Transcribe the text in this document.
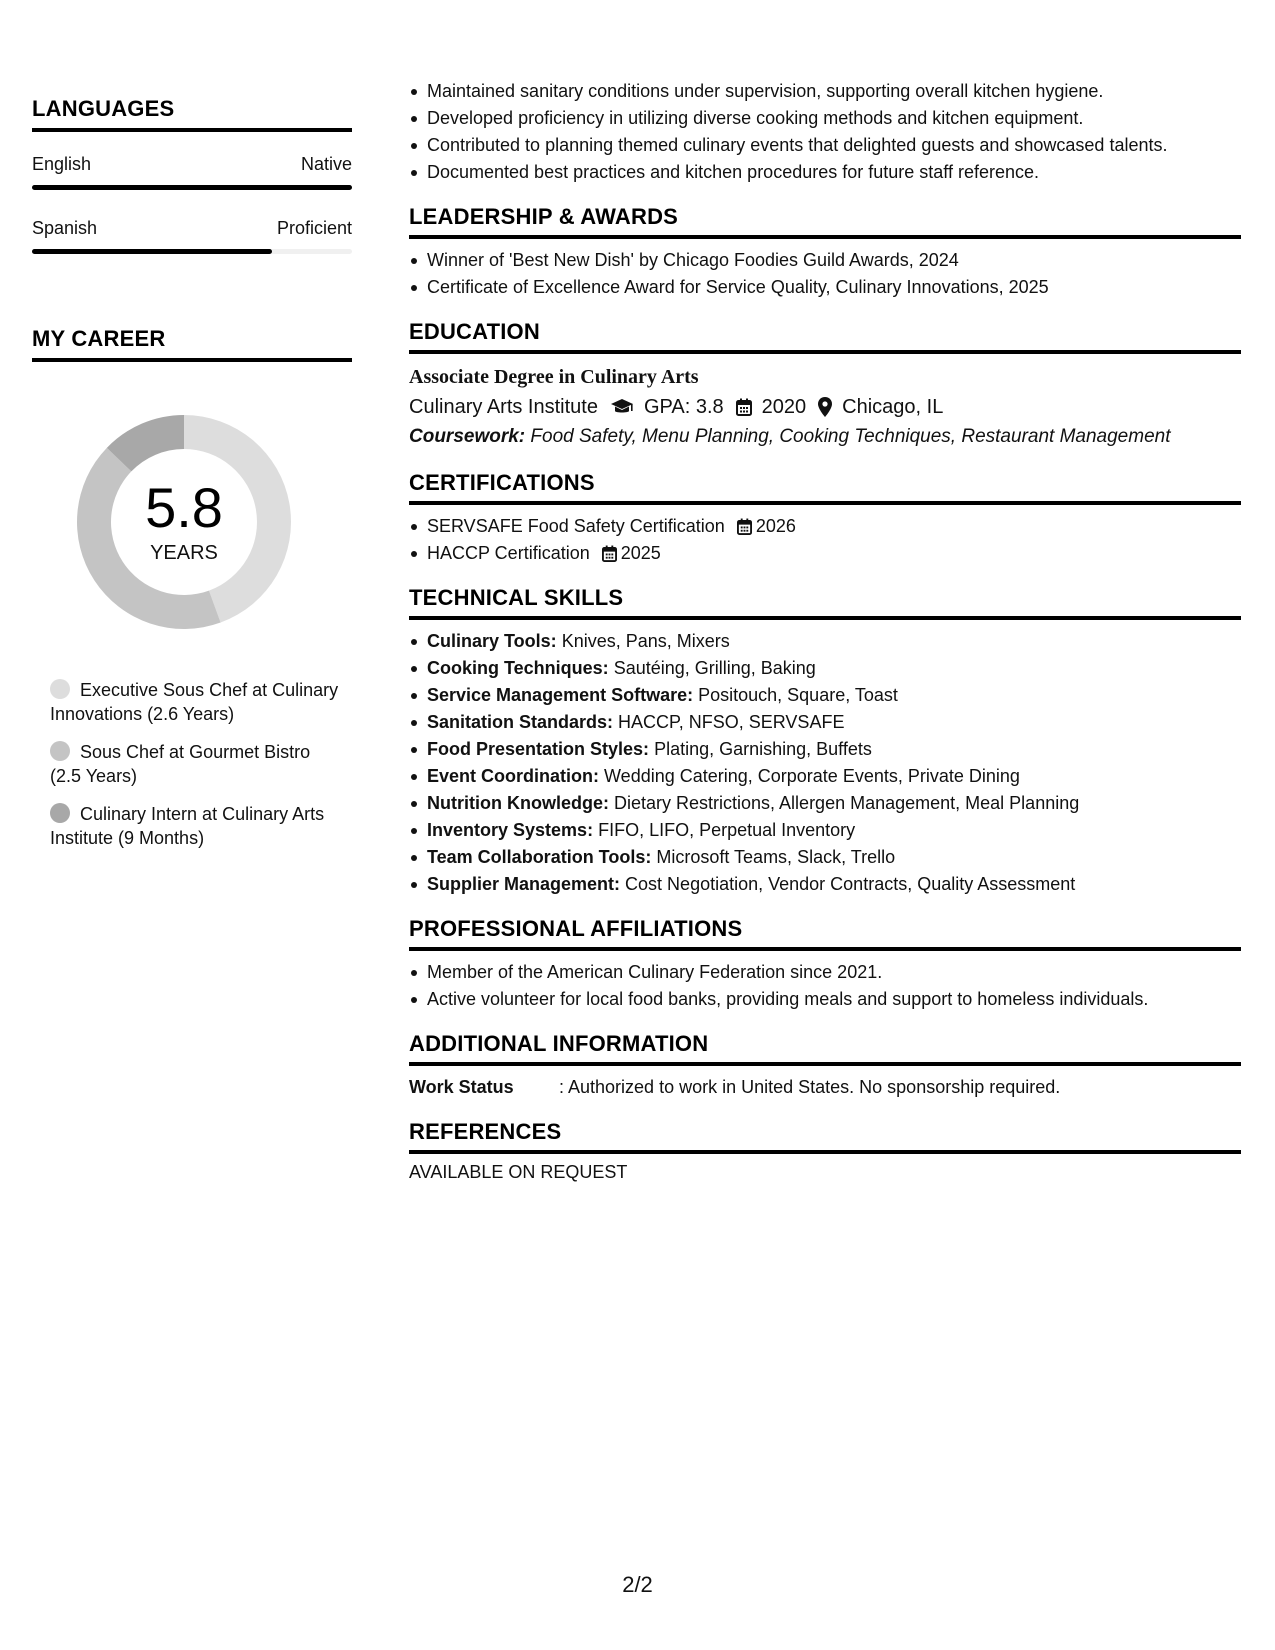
LANGUAGES
English	Native
Spanish	Proficient
MY CAREER
5.8
YEARS
Executive Sous Chef at Culinary Innovations (2.6 Years)
Sous Chef at Gourmet Bistro (2.5 Years)
Culinary Intern at Culinary Arts Institute (9 Months)
Maintained sanitary conditions under supervision, supporting overall kitchen hygiene.
Developed proficiency in utilizing diverse cooking methods and kitchen equipment.
Contributed to planning themed culinary events that delighted guests and showcased talents.
Documented best practices and kitchen procedures for future staff reference.
LEADERSHIP & AWARDS
Winner of 'Best New Dish' by Chicago Foodies Guild Awards, 2024
Certificate of Excellence Award for Service Quality, Culinary Innovations, 2025
EDUCATION
Associate Degree in Culinary Arts
Culinary Arts Institute GPA: 3.8 2020 Chicago, IL
Coursework: Food Safety, Menu Planning, Cooking Techniques, Restaurant Management
CERTIFICATIONS
SERVSAFE Food Safety Certification 2026
HACCP Certification 2025
TECHNICAL SKILLS
Culinary Tools: Knives, Pans, Mixers
Cooking Techniques: Sautéing, Grilling, Baking
Service Management Software: Positouch, Square, Toast
Sanitation Standards: HACCP, NFSO, SERVSAFE
Food Presentation Styles: Plating, Garnishing, Buffets
Event Coordination: Wedding Catering, Corporate Events, Private Dining
Nutrition Knowledge: Dietary Restrictions, Allergen Management, Meal Planning
Inventory Systems: FIFO, LIFO, Perpetual Inventory
Team Collaboration Tools: Microsoft Teams, Slack, Trello
Supplier Management: Cost Negotiation, Vendor Contracts, Quality Assessment
PROFESSIONAL AFFILIATIONS
Member of the American Culinary Federation since 2021.
Active volunteer for local food banks, providing meals and support to homeless individuals.
ADDITIONAL INFORMATION
Work Status	: Authorized to work in United States. No sponsorship required.
REFERENCES
AVAILABLE ON REQUEST
2/2
